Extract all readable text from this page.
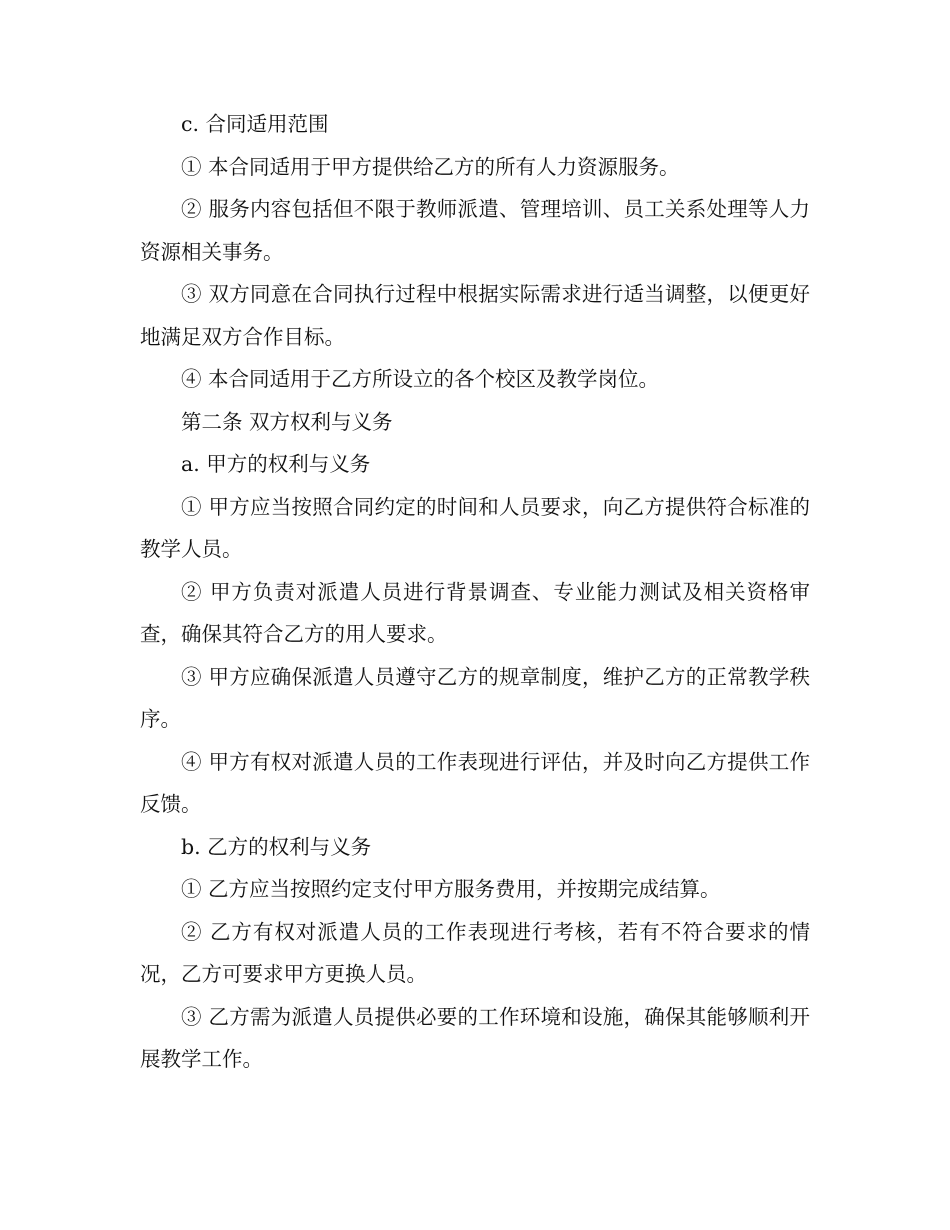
c. 合同适用范围

① 本合同适用于甲方提供给乙方的所有人力资源服务。

② 服务内容包括但不限于教师派遣、管理培训、员工关系处理等人力资源相关事务。

③ 双方同意在合同执行过程中根据实际需求进行适当调整，以便更好地满足双方合作目标。

④ 本合同适用于乙方所设立的各个校区及教学岗位。

第二条 双方权利与义务

a. 甲方的权利与义务

① 甲方应当按照合同约定的时间和人员要求，向乙方提供符合标准的教学人员。

② 甲方负责对派遣人员进行背景调查、专业能力测试及相关资格审查，确保其符合乙方的用人要求。

③ 甲方应确保派遣人员遵守乙方的规章制度，维护乙方的正常教学秩序。

④ 甲方有权对派遣人员的工作表现进行评估，并及时向乙方提供工作反馈。

b. 乙方的权利与义务

① 乙方应当按照约定支付甲方服务费用，并按期完成结算。

② 乙方有权对派遣人员的工作表现进行考核，若有不符合要求的情况，乙方可要求甲方更换人员。

③ 乙方需为派遣人员提供必要的工作环境和设施，确保其能够顺利开展教学工作。
